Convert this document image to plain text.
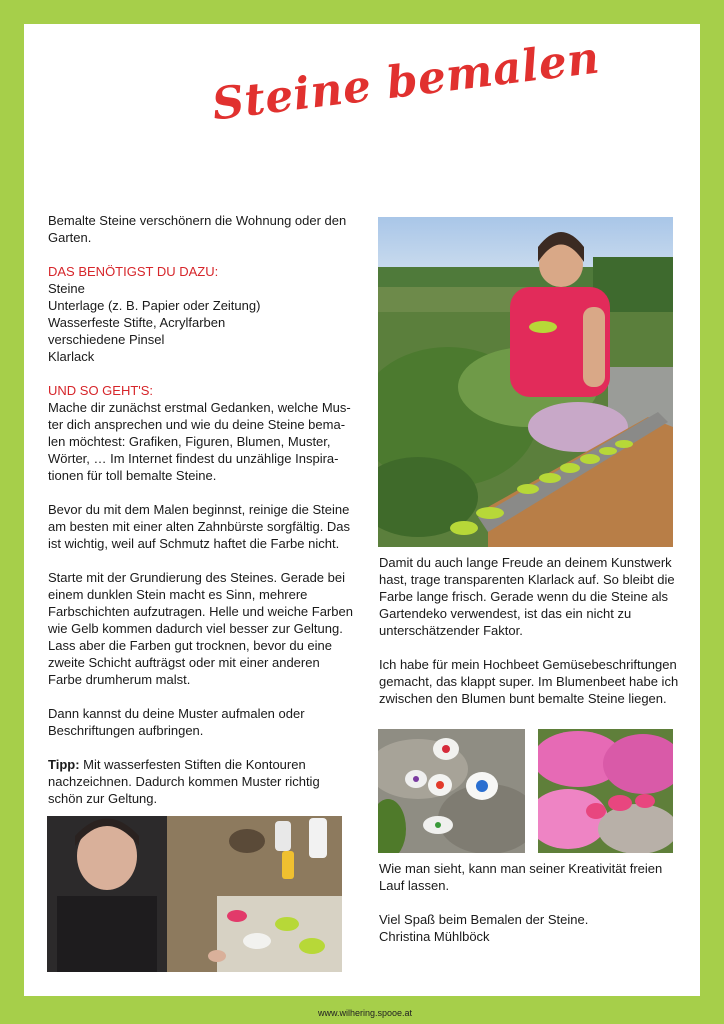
Steine bemalen

Bemalte Steine verschönern die Wohnung oder den
Garten.

DAS BENÖTIGST DU DAZU:
Steine
Unterlage (z. B. Papier oder Zeitung)
Wasserfeste Stifte, Acrylfarben
verschiedene Pinsel
Klarlack

UND SO GEHT'S:
Mache dir zunächst erstmal Gedanken, welche Mus-
ter dich ansprechen und wie du deine Steine bema-
len möchtest: Grafiken, Figuren, Blumen, Muster,
Wörter, … Im Internet findest du unzählige Inspira-
tionen für toll bemalte Steine.

Bevor du mit dem Malen beginnst, reinige die Steine
am besten mit einer alten Zahnbürste sorgfältig. Das
ist wichtig, weil auf Schmutz haftet die Farbe nicht.

Starte mit der Grundierung des Steines. Gerade bei
einem dunklen Stein macht es Sinn, mehrere
Farbschichten aufzutragen. Helle und weiche Farben
wie Gelb kommen dadurch viel besser zur Geltung.
Lass aber die Farben gut trocknen, bevor du eine
zweite Schicht aufträgst oder mit einer anderen
Farbe drumherum malst.

Dann kannst du deine Muster aufmalen oder
Beschriftungen aufbringen.

Tipp: Mit wasserfesten Stiften die Kontouren
nachzeichnen. Dadurch kommen Muster richtig
schön zur Geltung.

Damit du auch lange Freude an deinem Kunstwerk
hast, trage transparenten Klarlack auf. So bleibt die
Farbe lange frisch. Gerade wenn du die Steine als
Gartendeko verwendest, ist das ein nicht zu
unterschätzender Faktor.

Ich habe für mein Hochbeet Gemüsebeschriftungen
gemacht, das klappt super. Im Blumenbeet habe ich
zwischen den Blumen bunt bemalte Steine liegen.

Wie man sieht, kann man seiner Kreativität freien
Lauf lassen.

Viel Spaß beim Bemalen der Steine.
Christina Mühlböck

www.wilhering.spooe.at
